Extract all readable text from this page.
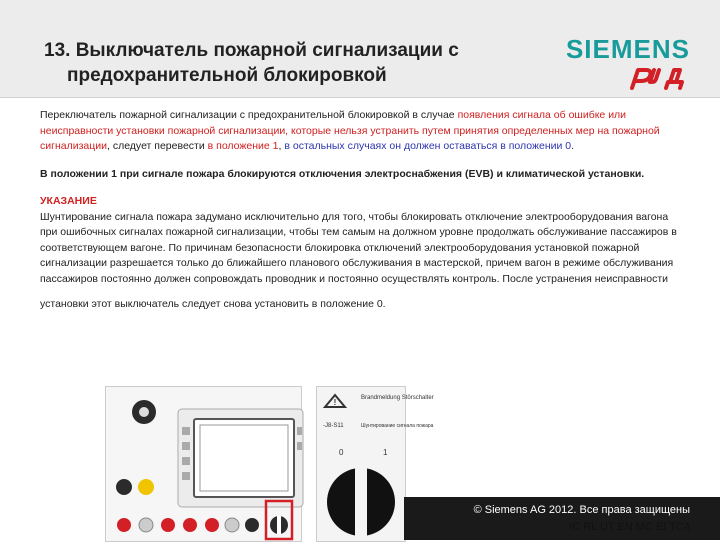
13. Выключатель пожарной сигнализации с
предохранительной блокировкой
SIEMENS

Переключатель пожарной сигнализации с предохранительной блокировкой в случае появления сигнала об ошибке или неисправности установки пожарной сигнализации, которые нельзя устранить путем принятия определенных мер на пожарной сигнализации, следует перевести в положение 1, в остальных случаях он должен оставаться в положении 0.

В положении 1 при сигнале пожара блокируются отключения электроснабжения (EVB) и климатической установки.

УКАЗАНИЕ
Шунтирование сигнала пожара задумано исключительно для того, чтобы блокировать отключение электрооборудования вагона при ошибочных сигналах пожарной сигнализации, чтобы тем самым на должном уровне продолжать обслуживание пассажиров в соответствующем вагоне. По причинам безопасности блокировка отключений электрооборудования установкой пожарной сигнализации разрешается только до ближайшего планового обслуживания в мастерской, причем вагон в режиме обслуживания пассажиров постоянно должен сопровождать проводник и постоянно осуществлять контроль. После устранения неисправности

установки этот выключатель следует снова установить в положение 0.

!	Brandmeldung Störschalter
-J8-S11	Шунтирование сигнала пожара
0	1
© Siemens AG 2012. Все права защищены
IC RL UT EN MC EI TC4
